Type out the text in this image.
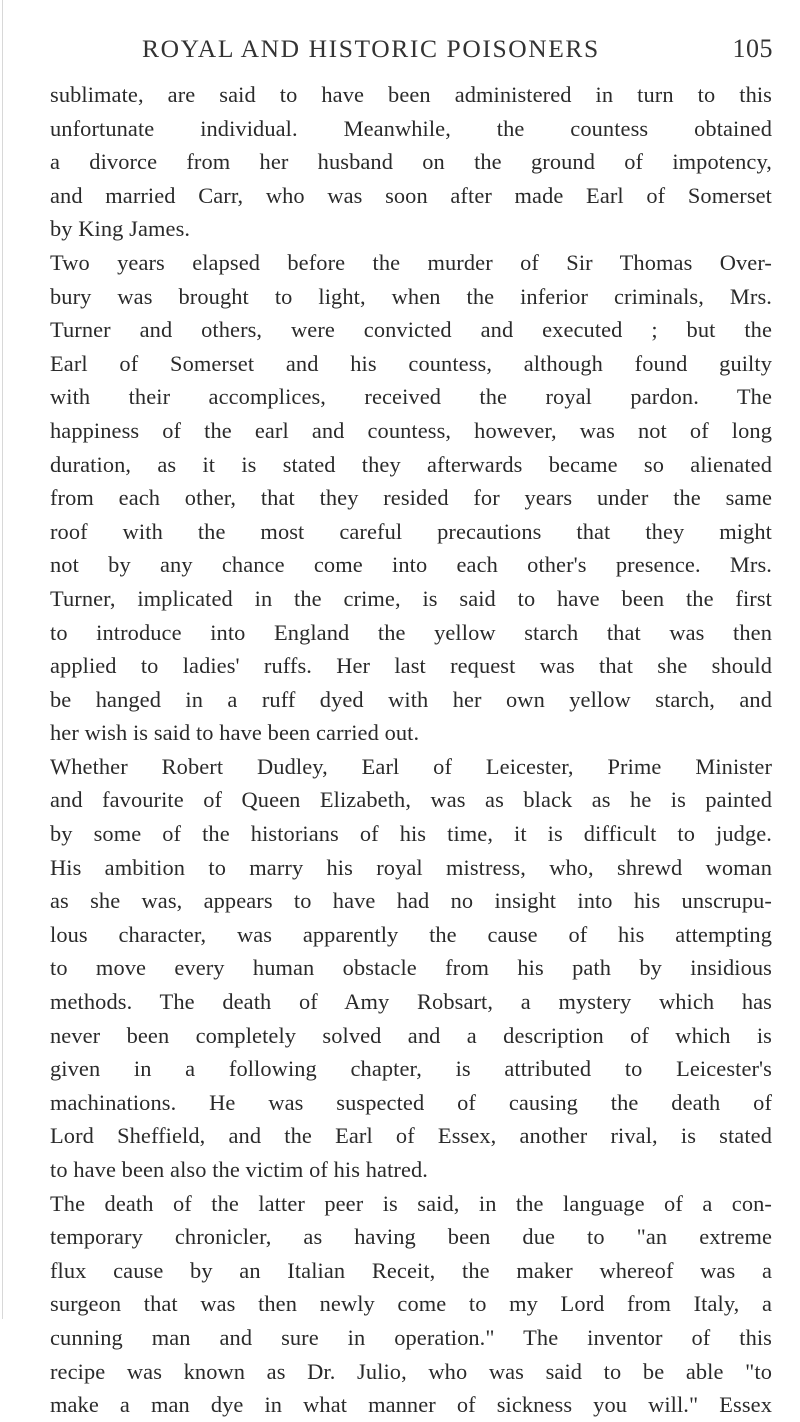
ROYAL AND HISTORIC POISONERS	105
sublimate, are said to have been administered in turn to this
unfortunate individual. Meanwhile, the countess obtained
a divorce from her husband on the ground of impotency,
and married Carr, who was soon after made Earl of Somerset
by King James.
Two years elapsed before the murder of Sir Thomas Over-
bury was brought to light, when the inferior criminals, Mrs.
Turner and others, were convicted and executed ; but the
Earl of Somerset and his countess, although found guilty
with their accomplices, received the royal pardon. The
happiness of the earl and countess, however, was not of long
duration, as it is stated they afterwards became so alienated
from each other, that they resided for years under the same
roof with the most careful precautions that they might
not by any chance come into each other's presence. Mrs.
Turner, implicated in the crime, is said to have been the first
to introduce into England the yellow starch that was then
applied to ladies' ruffs. Her last request was that she should
be hanged in a ruff dyed with her own yellow starch, and
her wish is said to have been carried out.
Whether Robert Dudley, Earl of Leicester, Prime Minister
and favourite of Queen Elizabeth, was as black as he is painted
by some of the historians of his time, it is difficult to judge.
His ambition to marry his royal mistress, who, shrewd woman
as she was, appears to have had no insight into his unscrupu-
lous character, was apparently the cause of his attempting
to move every human obstacle from his path by insidious
methods. The death of Amy Robsart, a mystery which has
never been completely solved and a description of which is
given in a following chapter, is attributed to Leicester's
machinations. He was suspected of causing the death of
Lord Sheffield, and the Earl of Essex, another rival, is stated
to have been also the victim of his hatred.
The death of the latter peer is said, in the language of a con-
temporary chronicler, as having been due to "an extreme
flux cause by an Italian Receit, the maker whereof was a
surgeon that was then newly come to my Lord from Italy, a
cunning man and sure in operation." The inventor of this
recipe was known as Dr. Julio, who was said to be able "to
make a man dye in what manner of sickness you will." Essex
